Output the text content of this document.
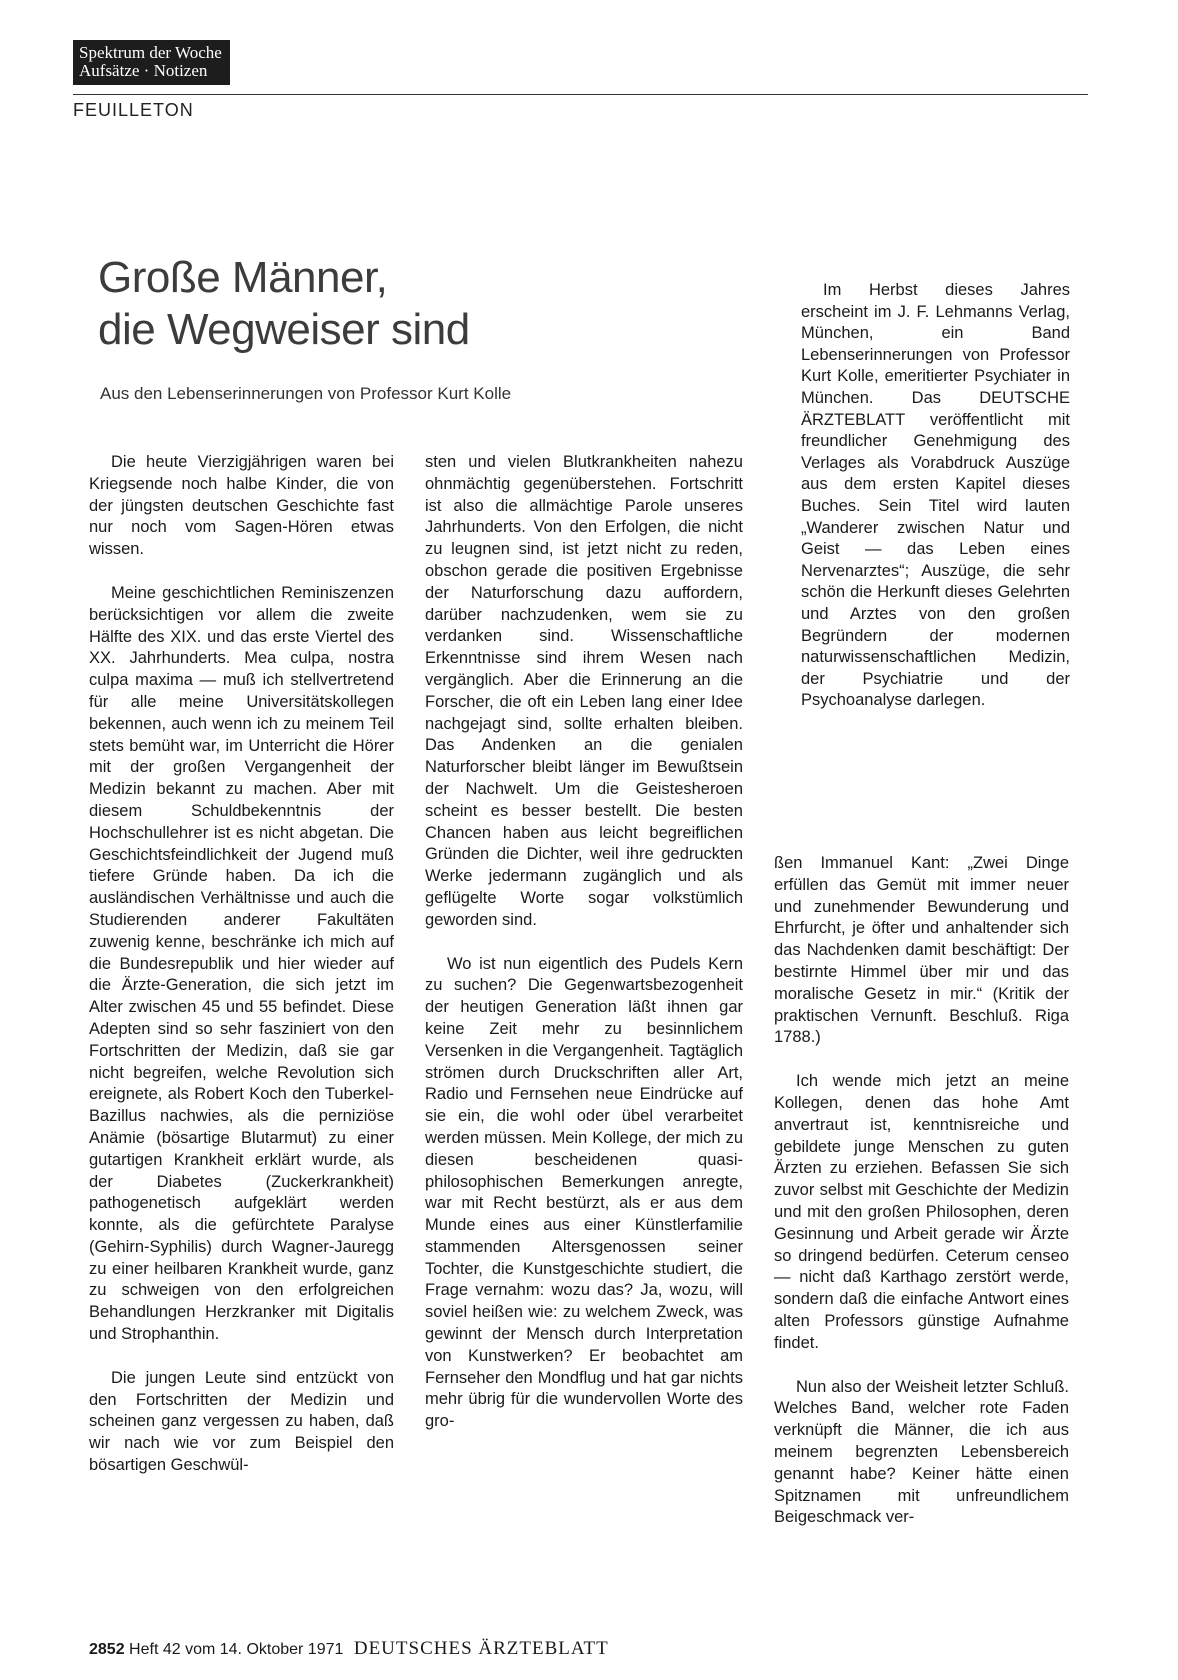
Spektrum der Woche
Aufsätze · Notizen
FEUILLETON
Große Männer,
die Wegweiser sind
Aus den Lebenserinnerungen von Professor Kurt Kolle

Im Herbst dieses Jahres erscheint im J. F. Lehmanns Verlag, München, ein Band Lebenserinnerungen von Professor Kurt Kolle, emeritierter Psychiater in München. Das DEUTSCHE ÄRZTEBLATT veröffentlicht mit freundlicher Genehmigung des Verlages als Vorabdruck Auszüge aus dem ersten Kapitel dieses Buches. Sein Titel wird lauten „Wanderer zwischen Natur und Geist — das Leben eines Nervenarztes“; Auszüge, die sehr schön die Herkunft dieses Gelehrten und Arztes von den großen Begründern der modernen naturwissenschaftlichen Medizin, der Psychiatrie und der Psychoanalyse darlegen.

Die heute Vierzigjährigen waren bei Kriegsende noch halbe Kinder, die von der jüngsten deutschen Geschichte fast nur noch vom Sagen-Hören etwas wissen.

Meine geschichtlichen Reminiszenzen berücksichtigen vor allem die zweite Hälfte des XIX. und das erste Viertel des XX. Jahrhunderts. Mea culpa, nostra culpa maxima — muß ich stellvertretend für alle meine Universitätskollegen bekennen, auch wenn ich zu meinem Teil stets bemüht war, im Unterricht die Hörer mit der großen Vergangenheit der Medizin bekannt zu machen. Aber mit diesem Schuldbekenntnis der Hochschullehrer ist es nicht abgetan. Die Geschichtsfeindlichkeit der Jugend muß tiefere Gründe haben. Da ich die ausländischen Verhältnisse und auch die Studierenden anderer Fakultäten zuwenig kenne, beschränke ich mich auf die Bundesrepublik und hier wieder auf die Ärzte-Generation, die sich jetzt im Alter zwischen 45 und 55 befindet. Diese Adepten sind so sehr fasziniert von den Fortschritten der Medizin, daß sie gar nicht begreifen, welche Revolution sich ereignete, als Robert Koch den Tuberkel-Bazillus nachwies, als die perniziöse Anämie (bösartige Blutarmut) zu einer gutartigen Krankheit erklärt wurde, als der Diabetes (Zuckerkrankheit) pathogenetisch aufgeklärt werden konnte, als die gefürchtete Paralyse (Gehirn-Syphilis) durch Wagner-Jauregg zu einer heilbaren Krankheit wurde, ganz zu schweigen von den erfolgreichen Behandlungen Herzkranker mit Digitalis und Strophanthin.

Die jungen Leute sind entzückt von den Fortschritten der Medizin und scheinen ganz vergessen zu haben, daß wir nach wie vor zum Beispiel den bösartigen Geschwül-

sten und vielen Blutkrankheiten nahezu ohnmächtig gegenüberstehen. Fortschritt ist also die allmächtige Parole unseres Jahrhunderts. Von den Erfolgen, die nicht zu leugnen sind, ist jetzt nicht zu reden, obschon gerade die positiven Ergebnisse der Naturforschung dazu auffordern, darüber nachzudenken, wem sie zu verdanken sind. Wissenschaftliche Erkenntnisse sind ihrem Wesen nach vergänglich. Aber die Erinnerung an die Forscher, die oft ein Leben lang einer Idee nachgejagt sind, sollte erhalten bleiben. Das Andenken an die genialen Naturforscher bleibt länger im Bewußtsein der Nachwelt. Um die Geistesheroen scheint es besser bestellt. Die besten Chancen haben aus leicht begreiflichen Gründen die Dichter, weil ihre gedruckten Werke jedermann zugänglich und als geflügelte Worte sogar volkstümlich geworden sind.

Wo ist nun eigentlich des Pudels Kern zu suchen? Die Gegenwartsbezogenheit der heutigen Generation läßt ihnen gar keine Zeit mehr zu besinnlichem Versenken in die Vergangenheit. Tagtäglich strömen durch Druckschriften aller Art, Radio und Fernsehen neue Eindrücke auf sie ein, die wohl oder übel verarbeitet werden müssen. Mein Kollege, der mich zu diesen bescheidenen quasi-philosophischen Bemerkungen anregte, war mit Recht bestürzt, als er aus dem Munde eines aus einer Künstlerfamilie stammenden Altersgenossen seiner Tochter, die Kunstgeschichte studiert, die Frage vernahm: wozu das? Ja, wozu, will soviel heißen wie: zu welchem Zweck, was gewinnt der Mensch durch Interpretation von Kunstwerken? Er beobachtet am Fernseher den Mondflug und hat gar nichts mehr übrig für die wundervollen Worte des gro-

ßen Immanuel Kant: „Zwei Dinge erfüllen das Gemüt mit immer neuer und zunehmender Bewunderung und Ehrfurcht, je öfter und anhaltender sich das Nachdenken damit beschäftigt: Der bestirnte Himmel über mir und das moralische Gesetz in mir.“ (Kritik der praktischen Vernunft. Beschluß. Riga 1788.)

Ich wende mich jetzt an meine Kollegen, denen das hohe Amt anvertraut ist, kenntnisreiche und gebildete junge Menschen zu guten Ärzten zu erziehen. Befassen Sie sich zuvor selbst mit Geschichte der Medizin und mit den großen Philosophen, deren Gesinnung und Arbeit gerade wir Ärzte so dringend bedürfen. Ceterum censeo — nicht daß Karthago zerstört werde, sondern daß die einfache Antwort eines alten Professors günstige Aufnahme findet.

Nun also der Weisheit letzter Schluß. Welches Band, welcher rote Faden verknüpft die Männer, die ich aus meinem begrenzten Lebensbereich genannt habe? Keiner hätte einen Spitznamen mit unfreundlichem Beigeschmack ver-

2852 Heft 42 vom 14. Oktober 1971 DEUTSCHES ÄRZTEBLATT
